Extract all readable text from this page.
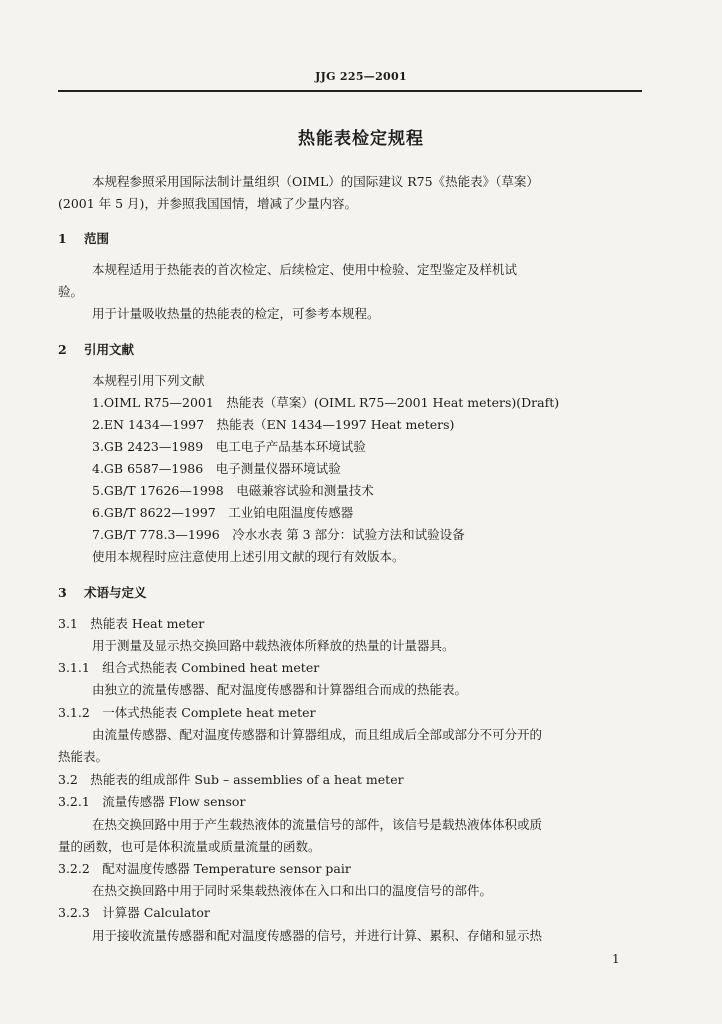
JJG 225—2001
热能表检定规程
本规程参照采用国际法制计量组织（OIML）的国际建议 R75《热能表》（草案）
(2001 年 5 月)，并参照我国国情，增减了少量内容。
1 范围
本规程适用于热能表的首次检定、后续检定、使用中检验、定型鉴定及样机试
验。
用于计量吸收热量的热能表的检定，可参考本规程。
2 引用文献
本规程引用下列文献
1.OIML R75—2001　热能表（草案）(OIML R75—2001 Heat meters)(Draft)
2.EN 1434—1997　热能表（EN 1434—1997 Heat meters)
3.GB 2423—1989　电工电子产品基本环境试验
4.GB 6587—1986　电子测量仪器环境试验
5.GB/T 17626—1998　电磁兼容试验和测量技术
6.GB/T 8622—1997　工业铂电阻温度传感器
7.GB/T 778.3—1996　冷水水表 第 3 部分：试验方法和试验设备
使用本规程时应注意使用上述引用文献的现行有效版本。
3 术语与定义
3.1　热能表 Heat meter
用于测量及显示热交换回路中载热液体所释放的热量的计量器具。
3.1.1　组合式热能表 Combined heat meter
由独立的流量传感器、配对温度传感器和计算器组合而成的热能表。
3.1.2　一体式热能表 Complete heat meter
由流量传感器、配对温度传感器和计算器组成，而且组成后全部或部分不可分开的
热能表。
3.2　热能表的组成部件 Sub – assemblies of a heat meter
3.2.1　流量传感器 Flow sensor
在热交换回路中用于产生载热液体的流量信号的部件，该信号是载热液体体积或质
量的函数，也可是体积流量或质量流量的函数。
3.2.2　配对温度传感器 Temperature sensor pair
在热交换回路中用于同时采集载热液体在入口和出口的温度信号的部件。
3.2.3　计算器 Calculator
用于接收流量传感器和配对温度传感器的信号，并进行计算、累积、存储和显示热
1
